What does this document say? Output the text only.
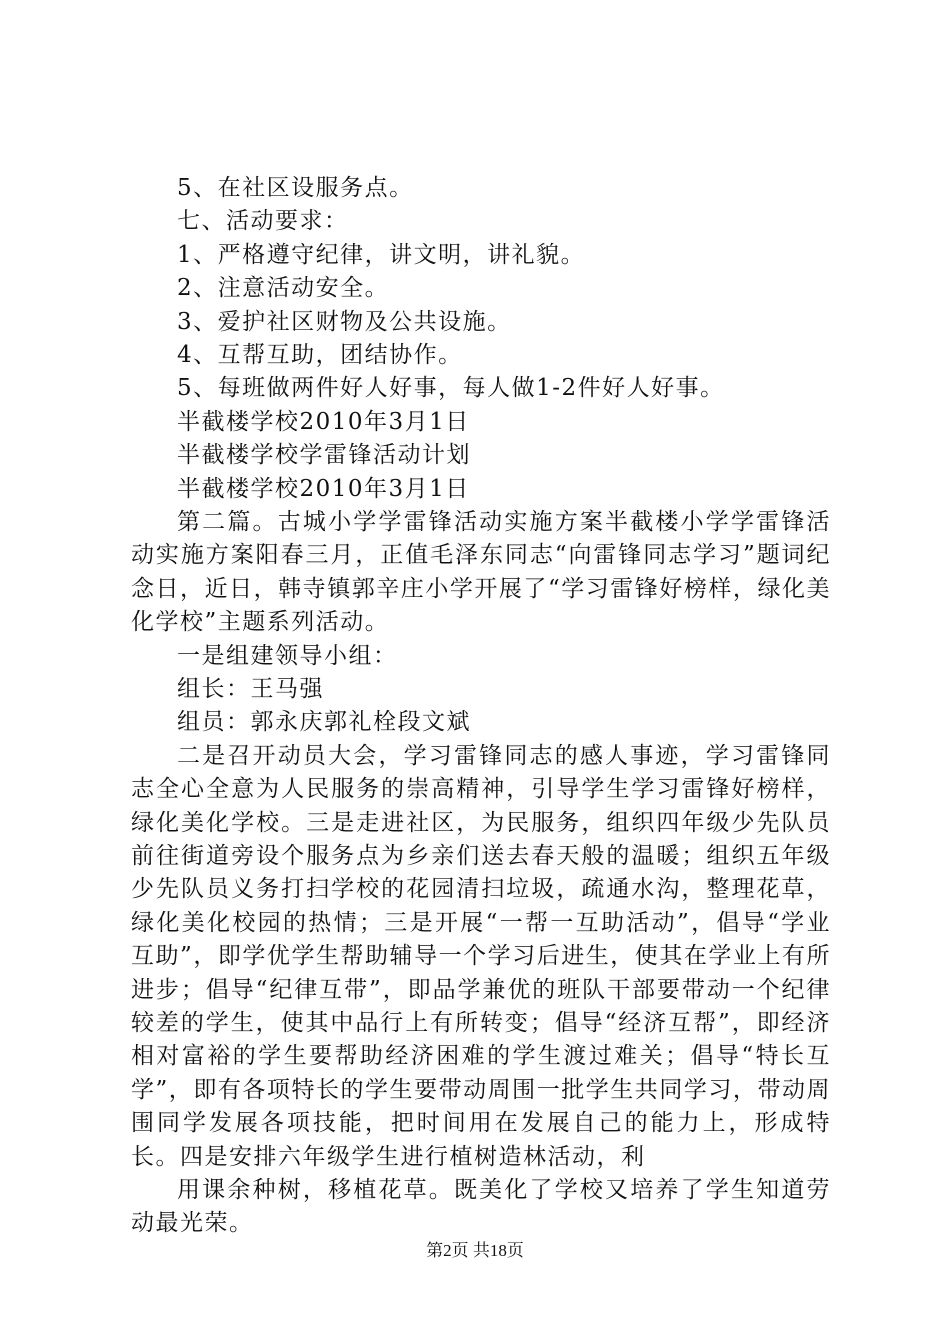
5、在社区设服务点。
七、活动要求：
1、严格遵守纪律，讲文明，讲礼貌。
2、注意活动安全。
3、爱护社区财物及公共设施。
4、互帮互助，团结协作。
5、每班做两件好人好事，每人做1-2件好人好事。
半截楼学校2010年3月1日
半截楼学校学雷锋活动计划
半截楼学校2010年3月1日

第二篇。古城小学学雷锋活动实施方案半截楼小学学雷锋活动实施方案阳春三月，正值毛泽东同志“向雷锋同志学习”题词纪念日，近日，韩寺镇郭辛庄小学开展了“学习雷锋好榜样，绿化美化学校”主题系列活动。

一是组建领导小组：
组长：王马强
组员：郭永庆郭礼栓段文斌

二是召开动员大会，学习雷锋同志的感人事迹，学习雷锋同志全心全意为人民服务的崇高精神，引导学生学习雷锋好榜样，绿化美化学校。三是走进社区，为民服务，组织四年级少先队员前往街道旁设个服务点为乡亲们送去春天般的温暖；组织五年级少先队员义务打扫学校的花园清扫垃圾，疏通水沟，整理花草，绿化美化校园的热情；三是开展“一帮一互助活动”，倡导“学业互助”，即学优学生帮助辅导一个学习后进生，使其在学业上有所进步；倡导“纪律互带”，即品学兼优的班队干部要带动一个纪律较差的学生，使其中品行上有所转变；倡导“经济互帮”，即经济相对富裕的学生要帮助经济困难的学生渡过难关；倡导“特长互学”，即有各项特长的学生要带动周围一批学生共同学习，带动周围同学发展各项技能，把时间用在发展自己的能力上，形成特长。四是安排六年级学生进行植树造林活动，利

用课余种树，移植花草。既美化了学校又培养了学生知道劳动最光荣。

第2页 共18页
